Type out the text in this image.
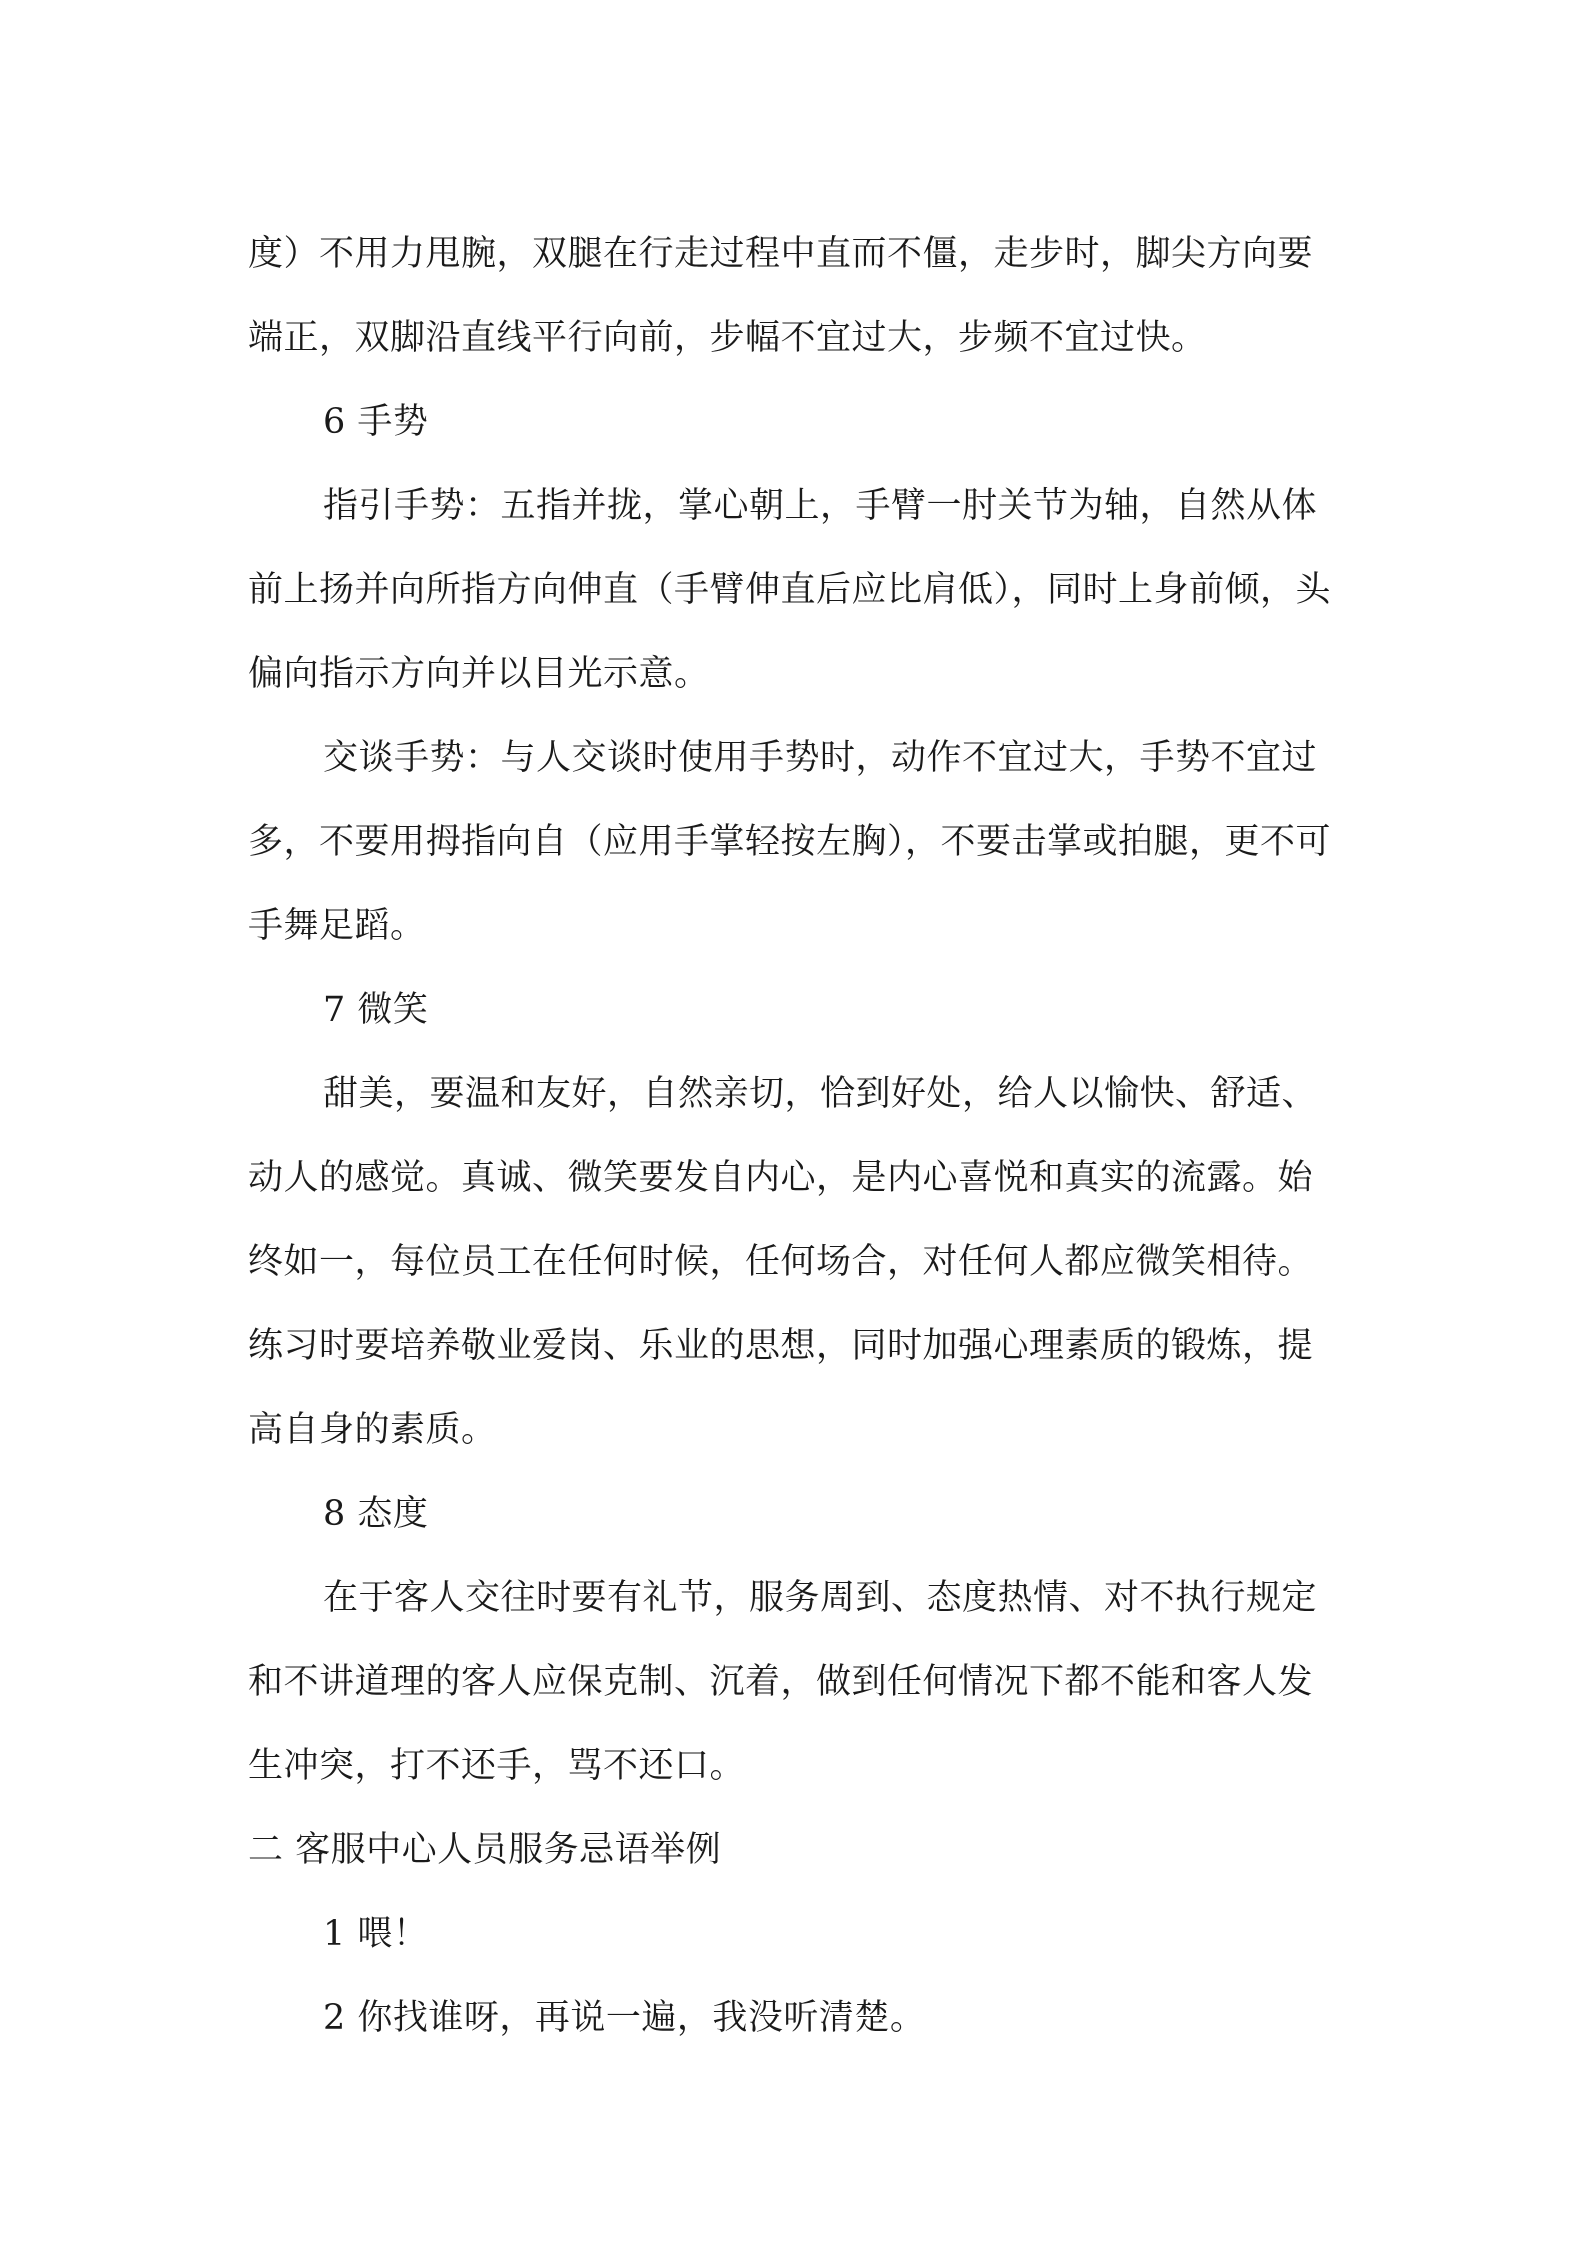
度）不用力甩腕，双腿在行走过程中直而不僵，走步时，脚尖方向要端正，双脚沿直线平行向前，步幅不宜过大，步频不宜过快。

6 手势

指引手势：五指并拢，掌心朝上，手臂一肘关节为轴，自然从体前上扬并向所指方向伸直（手臂伸直后应比肩低），同时上身前倾，头偏向指示方向并以目光示意。

交谈手势：与人交谈时使用手势时，动作不宜过大，手势不宜过多，不要用拇指向自（应用手掌轻按左胸），不要击掌或拍腿，更不可手舞足蹈。

7 微笑

甜美，要温和友好，自然亲切，恰到好处，给人以愉快、舒适、动人的感觉。真诚、微笑要发自内心，是内心喜悦和真实的流露。始终如一，每位员工在任何时候，任何场合，对任何人都应微笑相待。练习时要培养敬业爱岗、乐业的思想，同时加强心理素质的锻炼，提高自身的素质。

8 态度

在于客人交往时要有礼节，服务周到、态度热情、对不执行规定和不讲道理的客人应保克制、沉着，做到任何情况下都不能和客人发生冲突，打不还手，骂不还口。

二 客服中心人员服务忌语举例

1 喂！

2 你找谁呀，再说一遍，我没听清楚。
